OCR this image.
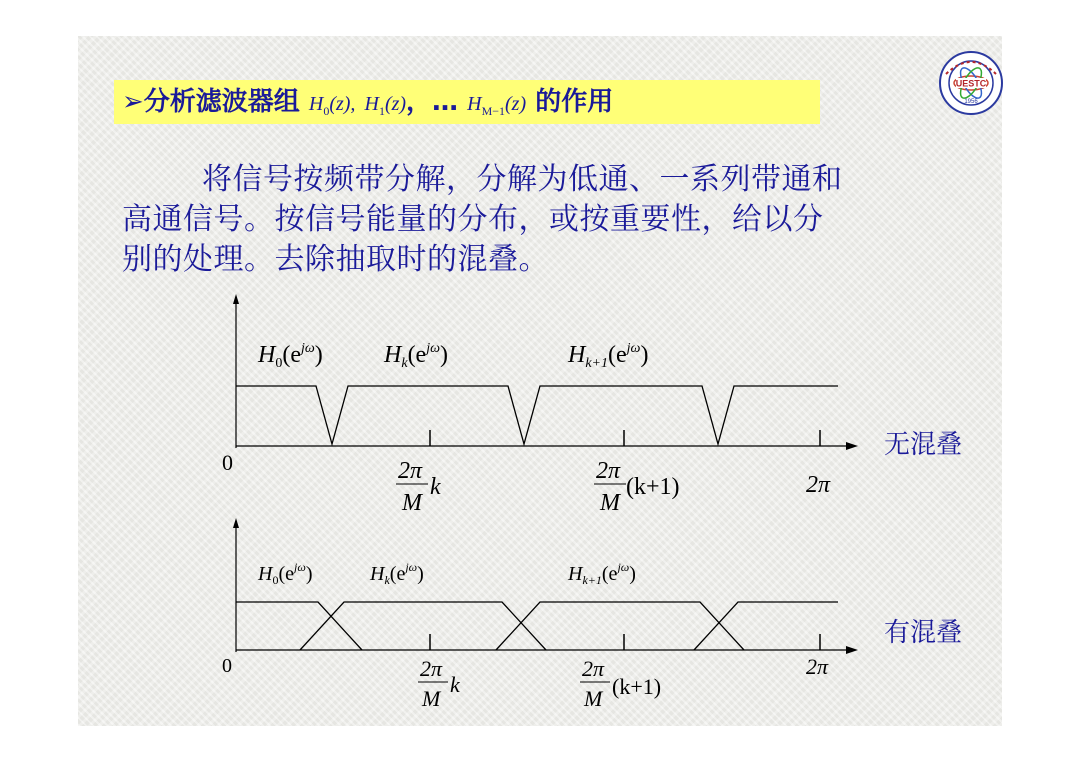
➢分析滤波器组 $H_0(z)$, $H_1(z)$，… $H_{M-1}(z)$ 的作用
UESTC
1956
将信号按频带分解，分解为低通、一系列带通和
高通信号。按信号能量的分布，或按重要性，给以分
别的处理。去除抽取时的混叠。
$H_0(e^{j\omega})$	$H_k(e^{j\omega})$	$H_{k+1}(e^{j\omega})$
0	2π
M
k
2π
M
(k+1)	2π
$H_0(e^{j\omega})$	$H_k(e^{j\omega})$	$H_{k+1}(e^{j\omega})$
0	2π
M
k
2π
M (k+1)
2π
无混叠
有混叠
